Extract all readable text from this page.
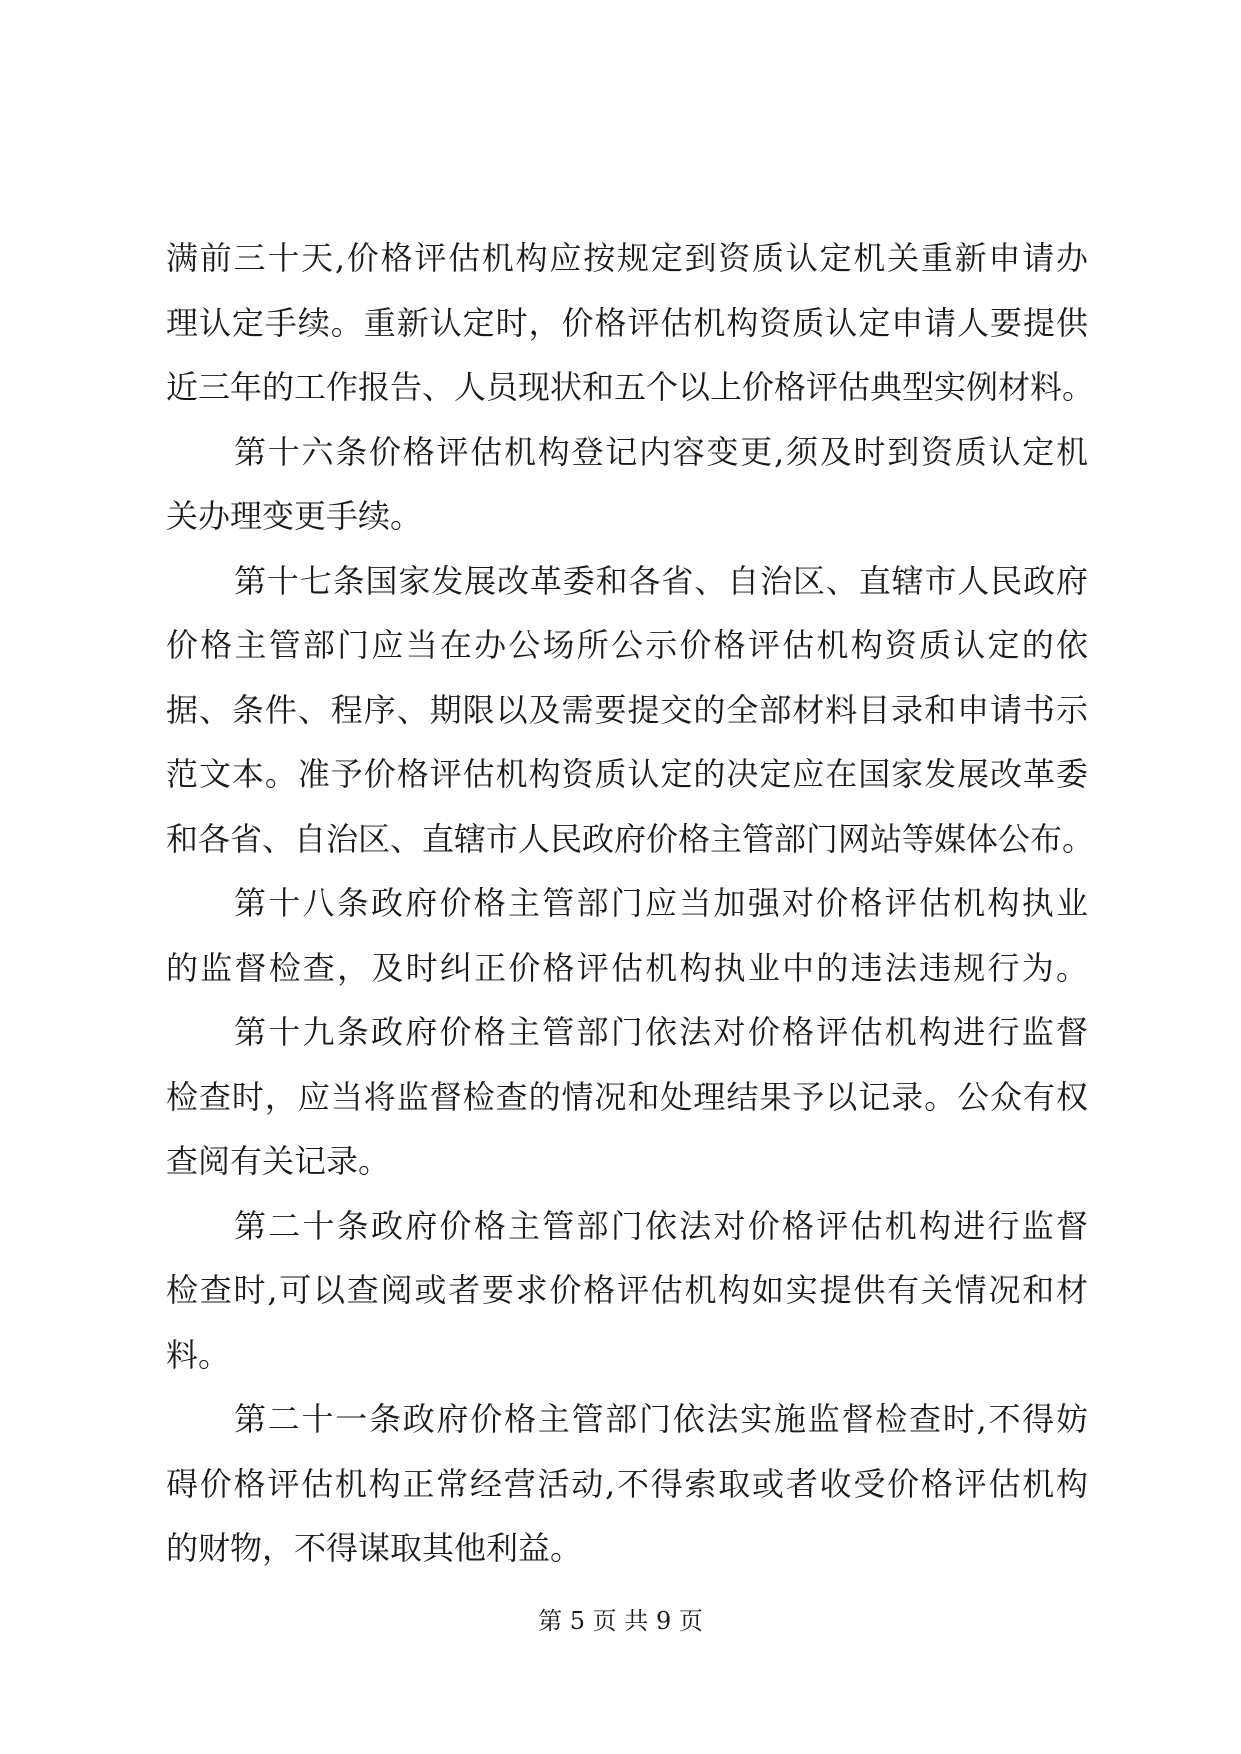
满前三十天,价格评估机构应按规定到资质认定机关重新申请办
理认定手续。重新认定时，价格评估机构资质认定申请人要提供
近三年的工作报告、人员现状和五个以上价格评估典型实例材料。
第十六条价格评估机构登记内容变更,须及时到资质认定机
关办理变更手续。
第十七条国家发展改革委和各省、自治区、直辖市人民政府
价格主管部门应当在办公场所公示价格评估机构资质认定的依
据、条件、程序、期限以及需要提交的全部材料目录和申请书示
范文本。准予价格评估机构资质认定的决定应在国家发展改革委
和各省、自治区、直辖市人民政府价格主管部门网站等媒体公布。
第十八条政府价格主管部门应当加强对价格评估机构执业
的监督检查，及时纠正价格评估机构执业中的违法违规行为。
第十九条政府价格主管部门依法对价格评估机构进行监督
检查时，应当将监督检查的情况和处理结果予以记录。公众有权
查阅有关记录。
第二十条政府价格主管部门依法对价格评估机构进行监督
检查时,可以查阅或者要求价格评估机构如实提供有关情况和材
料。
第二十一条政府价格主管部门依法实施监督检查时,不得妨
碍价格评估机构正常经营活动,不得索取或者收受价格评估机构
的财物，不得谋取其他利益。
第 5 页 共 9 页
